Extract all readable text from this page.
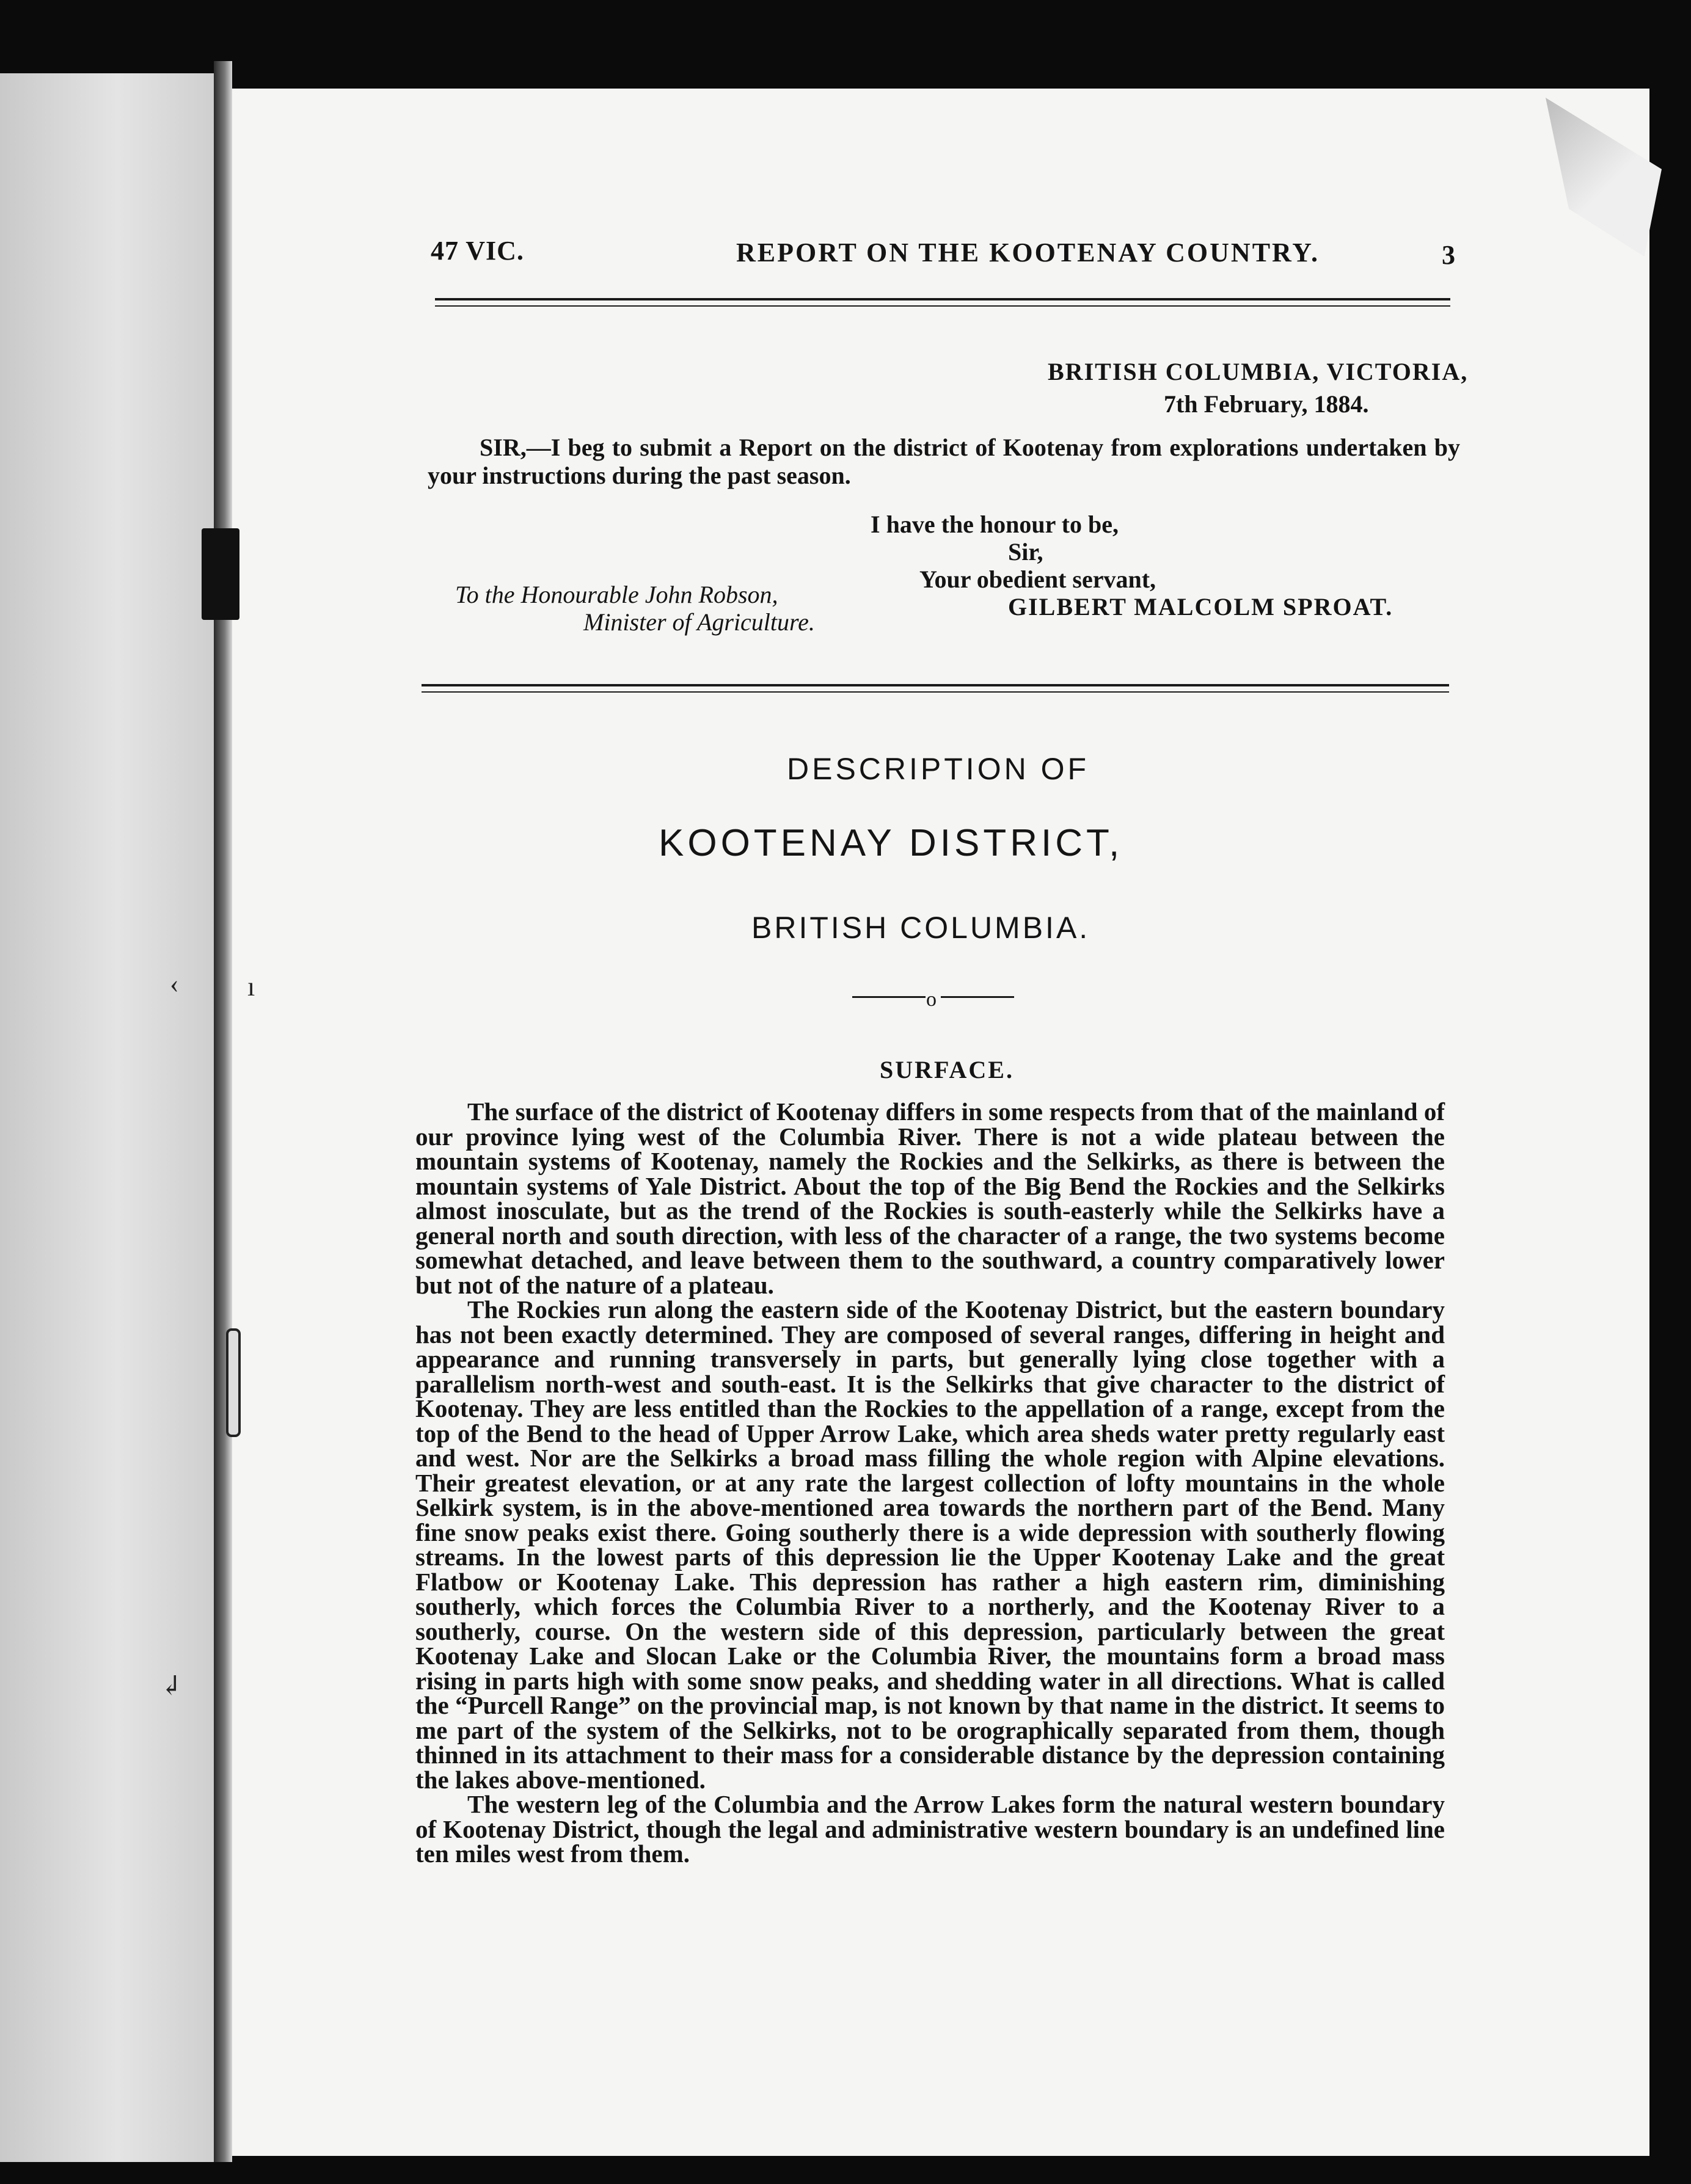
‹	ı
↲
47 VIC.	REPORT ON THE KOOTENAY COUNTRY.	3
BRITISH COLUMBIA, VICTORIA,
7th February, 1884.
SIR,—I beg to submit a Report on the district of Kootenay from explorations undertaken by your instructions during the past season.
I have the honour to be,
Sir,
Your obedient servant,
GILBERT MALCOLM SPROAT.
To the Honourable John Robson,
Minister of Agriculture.
DESCRIPTION OF
KOOTENAY DISTRICT,
BRITISH COLUMBIA.
o
SURFACE.

The surface of the district of Kootenay differs in some respects from that of the mainland of our province lying west of the Columbia River. There is not a wide plateau between the mountain systems of Kootenay, namely the Rockies and the Selkirks, as there is between the mountain systems of Yale District. About the top of the Big Bend the Rockies and the Selkirks almost inosculate, but as the trend of the Rockies is south-easterly while the Selkirks have a general north and south direction, with less of the character of a range, the two systems become somewhat detached, and leave between them to the southward, a country comparatively lower but not of the nature of a plateau.

The Rockies run along the eastern side of the Kootenay District, but the eastern boundary has not been exactly determined. They are composed of several ranges, differing in height and appearance and running transversely in parts, but generally lying close together with a parallelism north-west and south-east. It is the Selkirks that give character to the district of Kootenay. They are less entitled than the Rockies to the appellation of a range, except from the top of the Bend to the head of Upper Arrow Lake, which area sheds water pretty regularly east and west. Nor are the Selkirks a broad mass filling the whole region with Alpine elevations. Their greatest elevation, or at any rate the largest collection of lofty mountains in the whole Selkirk system, is in the above-mentioned area towards the northern part of the Bend. Many fine snow peaks exist there. Going southerly there is a wide depression with southerly flowing streams. In the lowest parts of this depression lie the Upper Kootenay Lake and the great Flatbow or Kootenay Lake. This depression has rather a high eastern rim, diminishing southerly, which forces the Columbia River to a northerly, and the Kootenay River to a southerly, course. On the western side of this depression, particularly between the great Kootenay Lake and Slocan Lake or the Columbia River, the mountains form a broad mass rising in parts high with some snow peaks, and shedding water in all directions. What is called the “Purcell Range” on the provincial map, is not known by that name in the district. It seems to me part of the system of the Selkirks, not to be orographically separated from them, though thinned in its attachment to their mass for a considerable distance by the depression containing the lakes above-mentioned.

The western leg of the Columbia and the Arrow Lakes form the natural western boundary of Kootenay District, though the legal and administrative western boundary is an undefined line ten miles west from them.
